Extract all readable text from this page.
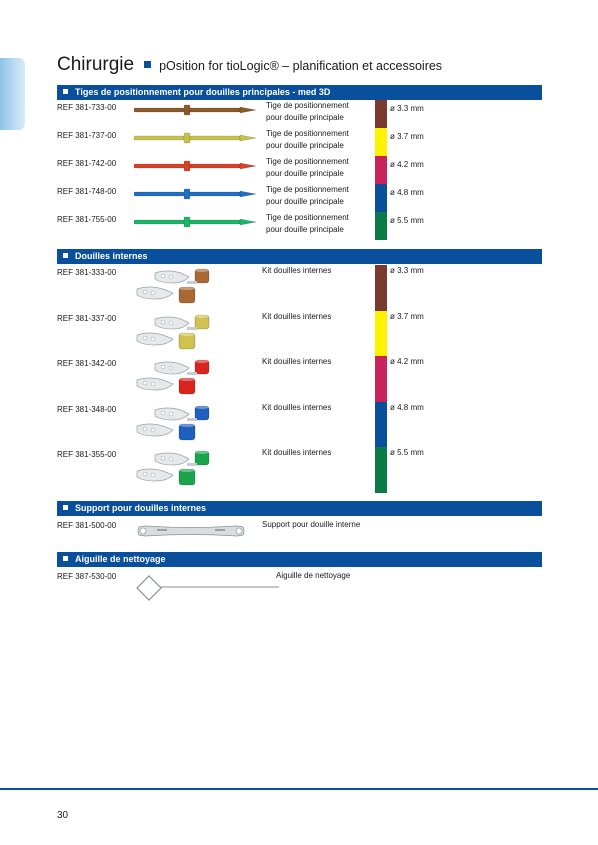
Chirurgie pOsition for tioLogic® – planification et accessoires
Tiges de positionnement pour douilles principales - med 3D
REF 381-733-00	Tige de positionnement
pour douille principale
ø 3.3 mm
REF 381-737-00	Tige de positionnement
pour douille principale
ø 3.7 mm
REF 381-742-00	Tige de positionnement
pour douille principale
ø 4.2 mm
REF 381-748-00	Tige de positionnement
pour douille principale
ø 4.8 mm
REF 381-755-00	Tige de positionnement
pour douille principale
ø 5.5 mm
Douilles internes
REF 381-333-00	Kit douilles internes	ø 3.3 mm
REF 381-337-00	Kit douilles internes	ø 3.7 mm
REF 381-342-00	Kit douilles internes	ø 4.2 mm
REF 381-348-00	Kit douilles internes	ø 4.8 mm
REF 381-355-00	Kit douilles internes	ø 5.5 mm
Support pour douilles internes
REF 381-500-00	Support pour douille interne
Aiguille de nettoyage
REF 387-530-00	Aiguille de nettoyage
30
